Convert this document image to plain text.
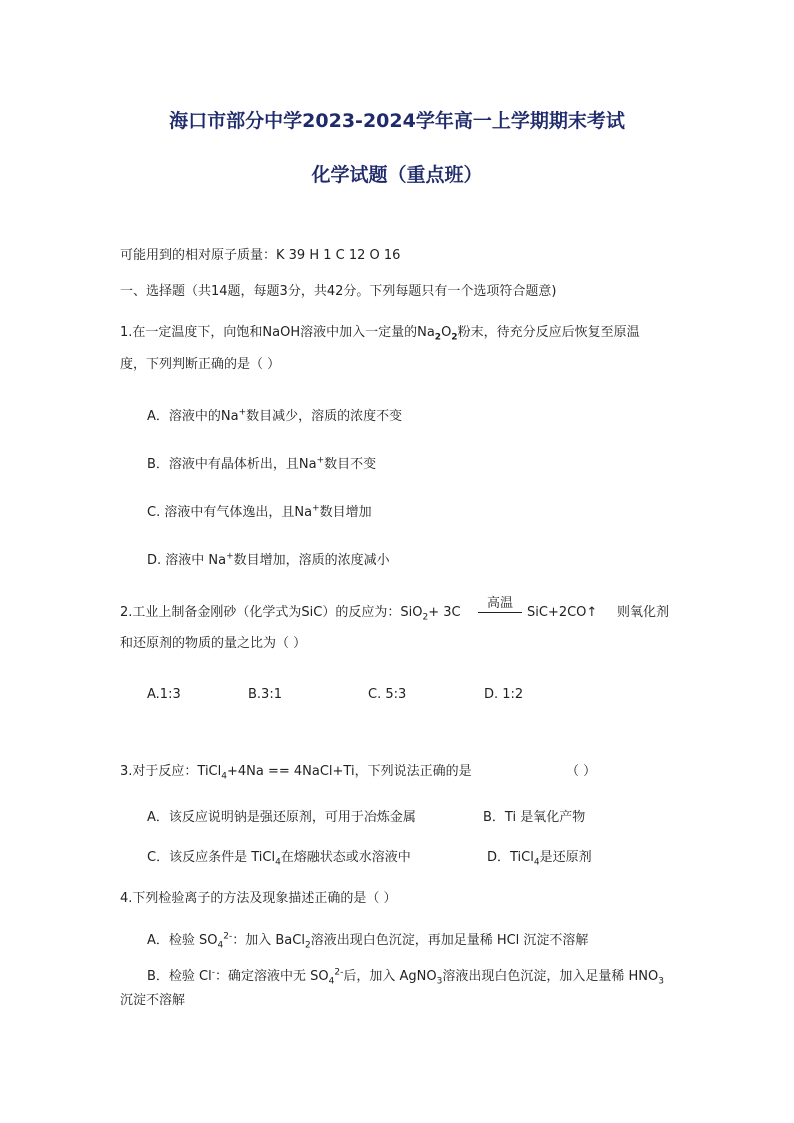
海口市部分中学2023-2024学年高一上学期期末考试
化学试题（重点班）
可能用到的相对原子质量：K 39 H 1 C 12 O 16
一、选择题（共14题，每题3分，共42分。下列每题只有一个选项符合题意)
1.在一定温度下，向饱和NaOH溶液中加入一定量的$Na_2O_2$粉末，待充分反应后恢复至原温
度，下列判断正确的是（ ）
A．溶液中的Na+数目减少，溶质的浓度不变
B．溶液中有晶体析出，且Na+数目不变
C. 溶液中有气体逸出，且Na+数目增加
D. 溶液中 Na+数目增加，溶质的浓度减小
2.工业上制备金刚砂（化学式为SiC）的反应为：SiO$_2$+ 3C
高温
SiC+2CO↑ 则氧化剂
和还原剂的物质的量之比为（ ）
A.1:3	B.3:1	C. 5:3	D. 1:2
3.对于反应：TiCl$_4$+4Na == 4NaCl+Ti，下列说法正确的是	（ ）
A．该反应说明钠是强还原剂，可用于冶炼金属	B．Ti 是氧化产物
C．该反应条件是 TiCl$_4$在熔融状态或水溶液中	D．TiCl$_4$是还原剂
4.下列检验离子的方法及现象描述正确的是（ ）
A．检验 $SO_4^{2-}$：加入 BaCl$_2$溶液出现白色沉淀，再加足量稀 HCl 沉淀不溶解
B．检验 Cl-：确定溶液中无 $SO_4^{2-}$后，加入 AgNO$_3$溶液出现白色沉淀，加入足量稀 $HNO_3$
沉淀不溶解
